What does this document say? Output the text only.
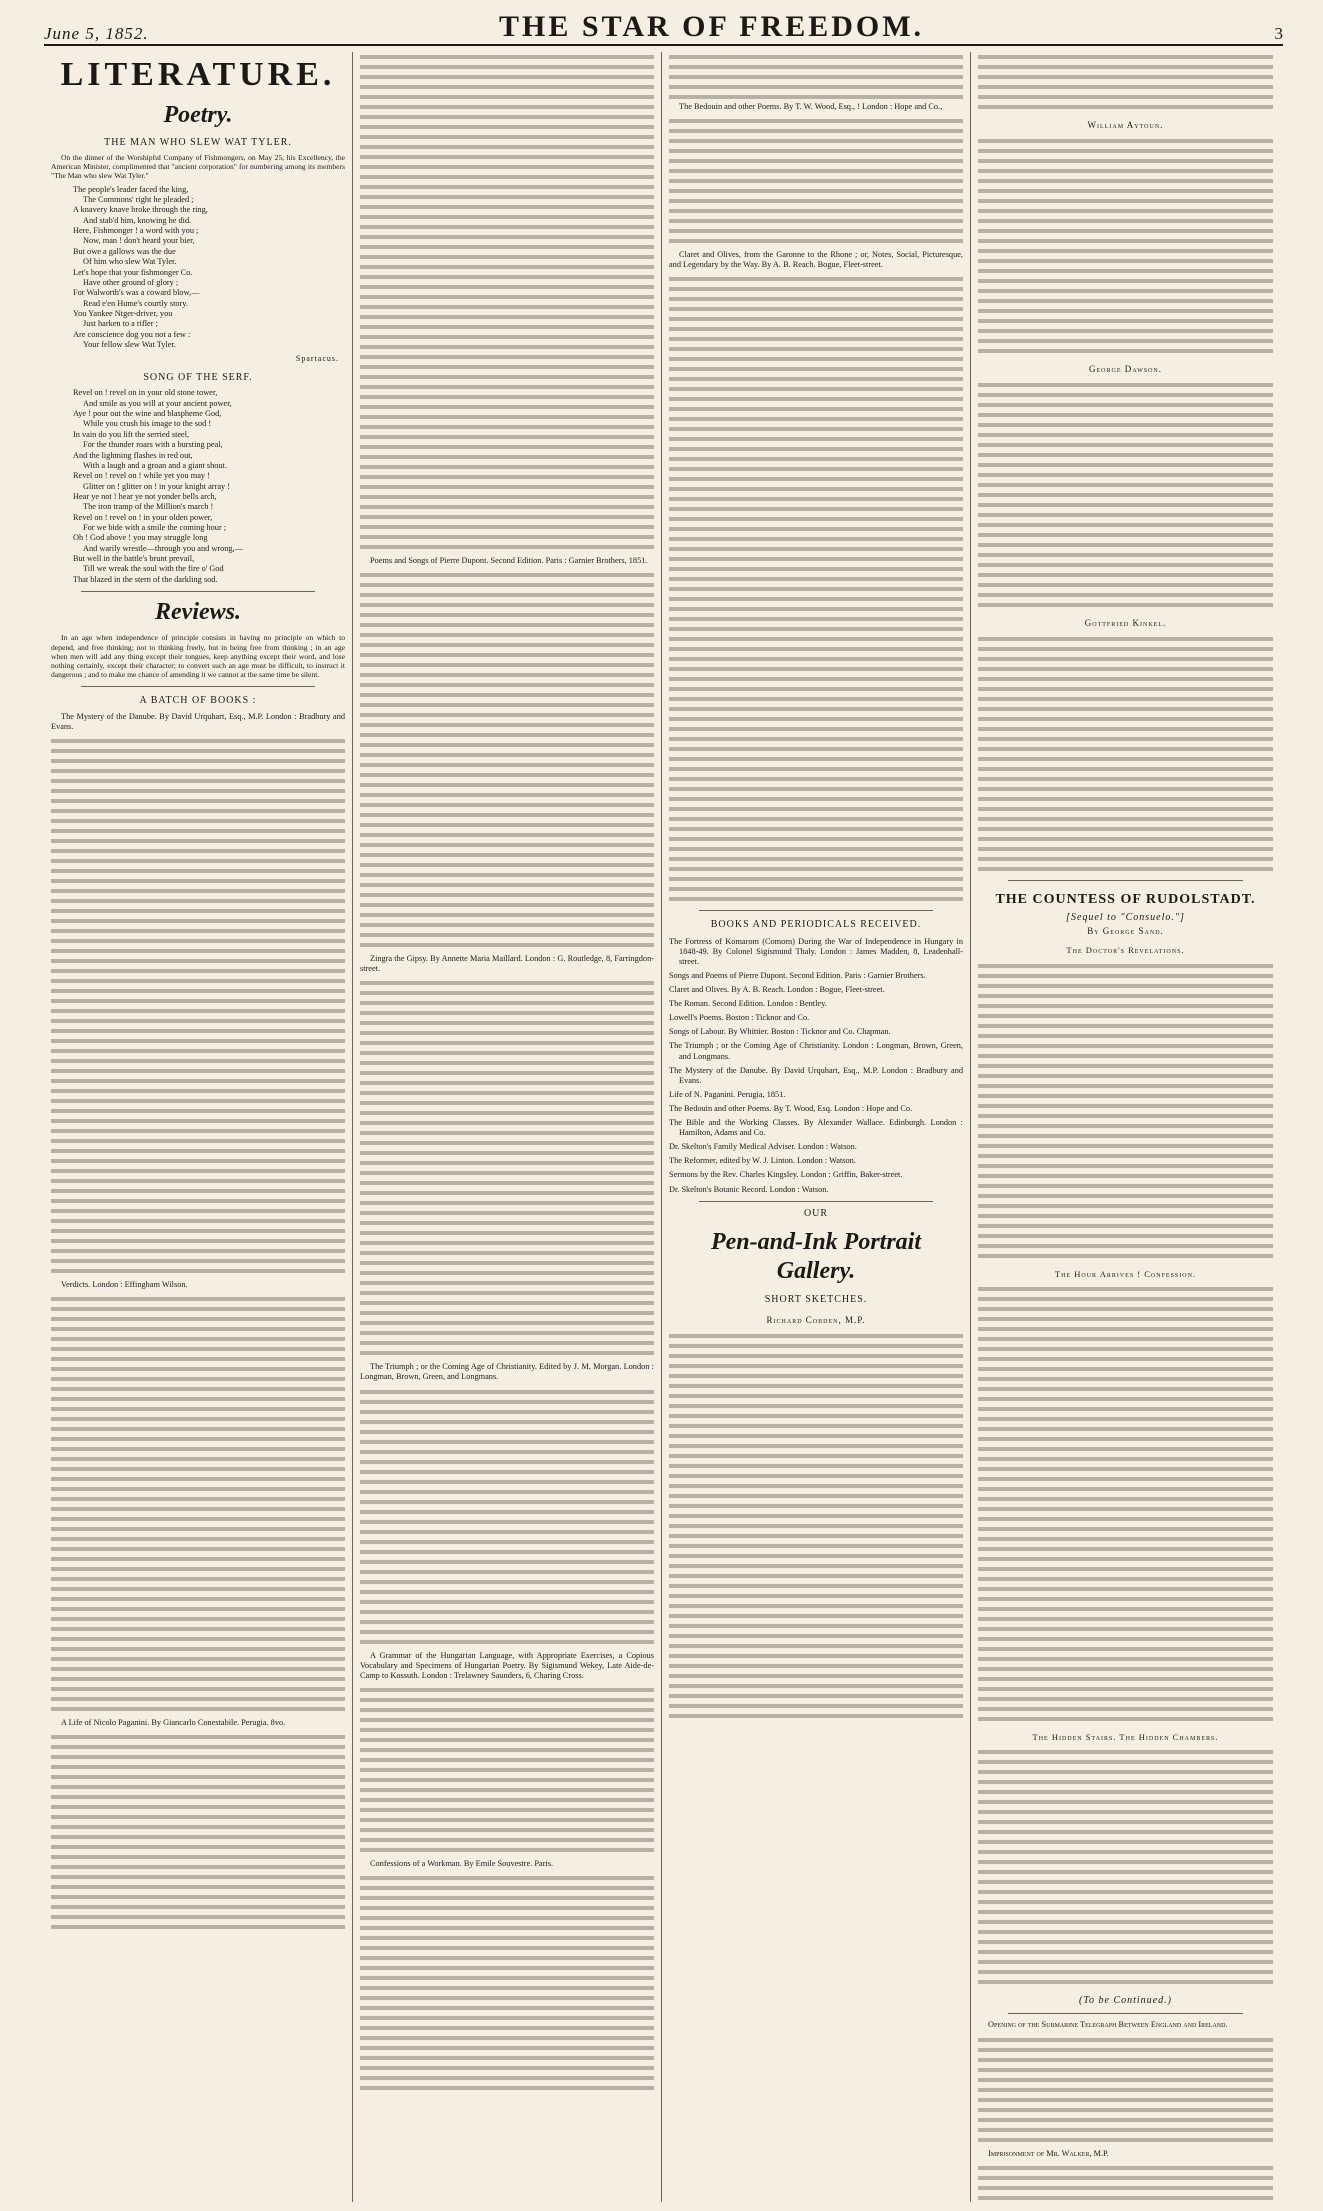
June 5, 1852.	THE STAR OF FREEDOM.	3
LITERATURE.
Poetry.
THE MAN WHO SLEW WAT TYLER.

On the dinner of the Worshipful Company of Fishmongers, on May 25, his Excellency, the American Minister, complimented that "ancient corporation" for numbering among its members "The Man who slew Wat Tyler."

The people's leader faced the king,
The Commons' right he pleaded ;
A knavery knave broke through the ring,
And stab'd him, knowing he did.
Here, Fishmonger ! a word with you ;
Now, man ! don't heard your bier,
But owe a gallows was the due
Of him who slew Wat Tyler.
Let's hope that your fishmonger Co.
Have other ground of glory ;
For Walworth's was a coward blow,—
Read e'en Hume's courtly story.
You Yankee Ntger-driver, you
Just harken to a rifler ;
Are conscience dog you not a few :
Your fellow slew Wat Tyler.
Spartacus.
SONG OF THE SERF.
Revel on ! revel on in your old stone tower,
And smile as you will at your ancient power,
Aye ! pour out the wine and blaspheme God,
While you crush his image to the sod !
In vain do you lift the serried steel,
For the thunder roars with a bursting peal,
And the lightning flashes in red out,
With a laugh and a groan and a giant shout.
Revel on ! revel on ! while yet you may !
Glitter on ! glitter on ! in your knight array !
Hear ye not ! hear ye not yonder bells arch,
The iron tramp of the Million's march !
Revel on ! revel on ! in your olden power,
For we bide with a smile the coming hour ;
Oh ! God above ! you may struggle long
And warily wrestle—through you and wrong,—
But well in the battle's brunt prevail,
Till we wreak the soul with the fire o' God
That blazed in the stern of the darkling sod.
Reviews.

In an age when independence of principle consists in having no principle on which to depend, and free thinking; not to thinking freely, but in being free from thinking ; in an age when men will add any thing except their tongues, keep anything except their word, and lose nothing certainly, except their character; to convert such an age must be difficult, to instruct it dangerous ; and to make me chance of amending it we cannot at the same time be silent.

A BATCH OF BOOKS :

The Mystery of the Danube. By David Urquhart, Esq., M.P. London : Bradbury and Evans.

Verdicts. London : Effingham Wilson.

A Life of Nicolo Paganini. By Giancarlo Conestabile. Perugia. 8vo.

Poems and Songs of Pierre Dupont. Second Edition. Paris : Garnier Brothers, 1851.

Zingra the Gipsy. By Annette Maria Maillard. London : G. Routledge, 8, Farringdon-street.

The Triumph ; or the Coming Age of Christianity. Edited by J. M. Morgan. London : Longman, Brown, Green, and Longmans.

A Grammar of the Hungarian Language, with Appropriate Exercises, a Copious Vocabulary and Specimens of Hungarian Poetry. By Sigismund Wekey, Late Aide-de-Camp to Kossuth. London : Trelawney Saunders, 6, Charing Cross.

Confessions of a Workman. By Emile Souvestre. Paris.

The Bedouin and other Poems. By T. W. Wood, Esq., ! London : Hope and Co.,

Claret and Olives, from the Garonne to the Rhone ; or, Notes, Social, Picturesque, and Legendary by the Way. By A. B. Reach. Bogue, Fleet-street.

BOOKS AND PERIODICALS RECEIVED.

The Fortress of Komarom (Comorn) During the War of Independence in Hungary in 1848-49. By Colonel Sigismund Thaly. London : James Madden, 8, Leadenhall-street.

Songs and Poems of Pierre Dupont. Second Edition. Paris : Garnier Brothers.

Claret and Olives. By A. B. Reach. London : Bogue, Fleet-street.

The Roman. Second Edition. London : Bentley.

Lowell's Poems. Boston : Ticknor and Co.

Songs of Labour. By Whittier. Boston : Ticknor and Co. Chapman.

The Triumph ; or the Coming Age of Christianity. London : Longman, Brown, Green, and Longmans.

The Mystery of the Danube. By David Urquhart, Esq., M.P. London : Bradbury and Evans.

Life of N. Paganini. Perugia, 1851.

The Bedouin and other Poems. By T. Wood, Esq. London : Hope and Co.

The Bible and the Working Classes. By Alexander Wallace. Edinburgh. London : Hamilton, Adams and Co.

Dr. Skelton's Family Medical Adviser. London : Watson.

The Reformer, edited by W. J. Linton. London : Watson.

Sermons by the Rev. Charles Kingsley. London : Griffin, Baker-street.

Dr. Skelton's Botanic Record. London : Watson.

OUR
Pen-and-Ink Portrait Gallery.
SHORT SKETCHES.
Richard Cobden, M.P.
William Aytoun.
George Dawson.
Gottfried Kinkel.
THE COUNTESS OF RUDOLSTADT.
[Sequel to "Consuelo."]
By George Sand.
The Doctor's Revelations.
The Hour Arrives ! Confession.
The Hidden Stairs. The Hidden Chambers.
(To be Continued.)

Opening of the Submarine Telegraph Between England and Ireland.

Imprisonment of Mr. Walker, M.P.
